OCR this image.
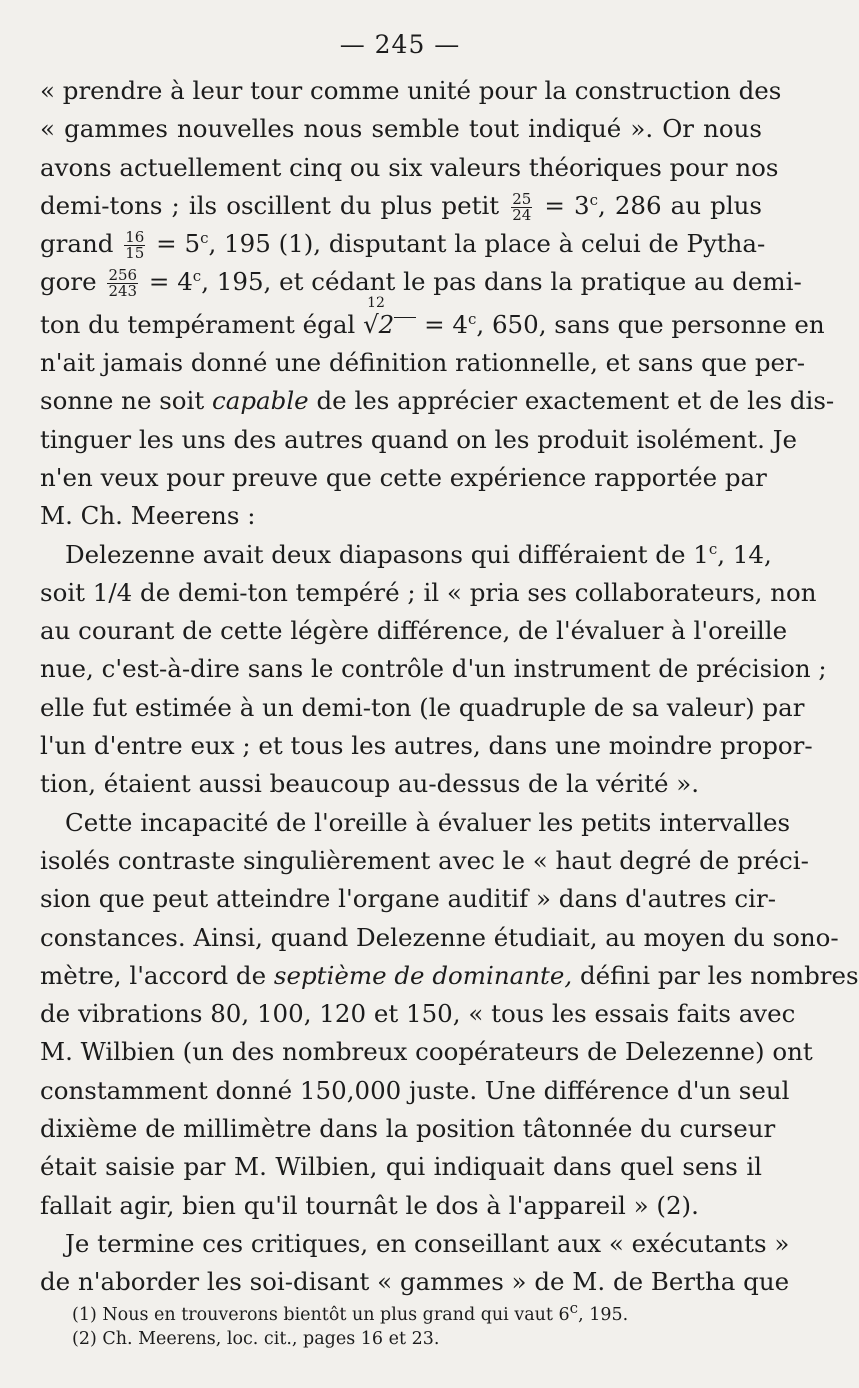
— 245 —
« prendre à leur tour comme unité pour la construction des
« gammes nouvelles nous semble tout indiqué ». Or nous
avons actuellement cinq ou six valeurs théoriques pour nos
demi-tons ; ils oscillent du plus petit $\frac{25}{24} = 3^c$, 286 au plus
grand $\frac{16}{15} = 5^c$, 195 (1), disputant la place à celui de Pytha-
gore $\frac{256}{243} = 4^c$, 195, et cédant le pas dans la pratique au demi-
ton du tempérament égal
12
$√2 = 4^c$, 650, sans que personne en
n'ait jamais donné une définition rationnelle, et sans que per-
sonne ne soit capable de les apprécier exactement et de les dis-
tinguer les uns des autres quand on les produit isolément. Je
n'en veux pour preuve que cette expérience rapportée par
M. Ch. Meerens :
Delezenne avait deux diapasons qui différaient de 1$^c$, 14,
soit 1/4 de demi-ton tempéré ; il « pria ses collaborateurs, non
au courant de cette légère différence, de l'évaluer à l'oreille
nue, c'est-à-dire sans le contrôle d'un instrument de précision ;
elle fut estimée à un demi-ton (le quadruple de sa valeur) par
l'un d'entre eux ; et tous les autres, dans une moindre propor-
tion, étaient aussi beaucoup au-dessus de la vérité ».
Cette incapacité de l'oreille à évaluer les petits intervalles
isolés contraste singulièrement avec le « haut degré de préci-
sion que peut atteindre l'organe auditif » dans d'autres cir-
constances. Ainsi, quand Delezenne étudiait, au moyen du sono-
mètre, l'accord de septième de dominante, défini par les nombres
de vibrations 80, 100, 120 et 150, « tous les essais faits avec
M. Wilbien (un des nombreux coopérateurs de Delezenne) ont
constamment donné 150,000 juste. Une différence d'un seul
dixième de millimètre dans la position tâtonnée du curseur
était saisie par M. Wilbien, qui indiquait dans quel sens il
fallait agir, bien qu'il tournât le dos à l'appareil » (2).
Je termine ces critiques, en conseillant aux « exécutants »
de n'aborder les soi-disant « gammes » de M. de Bertha que
(1) Nous en trouverons bientôt un plus grand qui vaut 6$^c$, 195.
(2) Ch. Meerens, loc. cit., pages 16 et 23.
